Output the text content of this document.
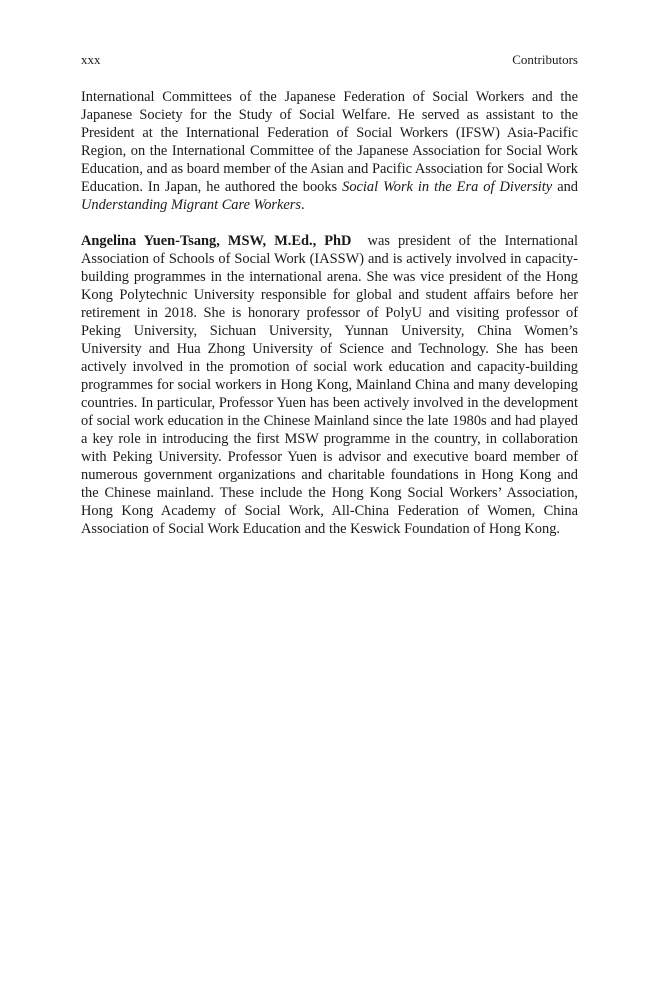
xxx	Contributors

International Committees of the Japanese Federation of Social Workers and the Japanese Society for the Study of Social Welfare. He served as assistant to the President at the International Federation of Social Workers (IFSW) Asia-Pacific Region, on the International Committee of the Japanese Association for Social Work Education, and as board member of the Asian and Pacific Association for Social Work Education. In Japan, he authored the books Social Work in the Era of Diversity and Understanding Migrant Care Workers.

Angelina Yuen-Tsang, MSW, M.Ed., PhD was president of the International Association of Schools of Social Work (IASSW) and is actively involved in capacity-building programmes in the international arena. She was vice president of the Hong Kong Polytechnic University responsible for global and student affairs before her retirement in 2018. She is honorary professor of PolyU and visiting professor of Peking University, Sichuan University, Yunnan University, China Women’s University and Hua Zhong University of Science and Technology. She has been actively involved in the promotion of social work education and capacity-building programmes for social workers in Hong Kong, Mainland China and many developing countries. In particular, Professor Yuen has been actively involved in the development of social work education in the Chinese Mainland since the late 1980s and had played a key role in introducing the first MSW programme in the country, in collaboration with Peking University. Professor Yuen is advisor and executive board member of numerous government organizations and charitable foundations in Hong Kong and the Chinese mainland. These include the Hong Kong Social Workers’ Association, Hong Kong Academy of Social Work, All-China Federation of Women, China Association of Social Work Education and the Keswick Foundation of Hong Kong.
